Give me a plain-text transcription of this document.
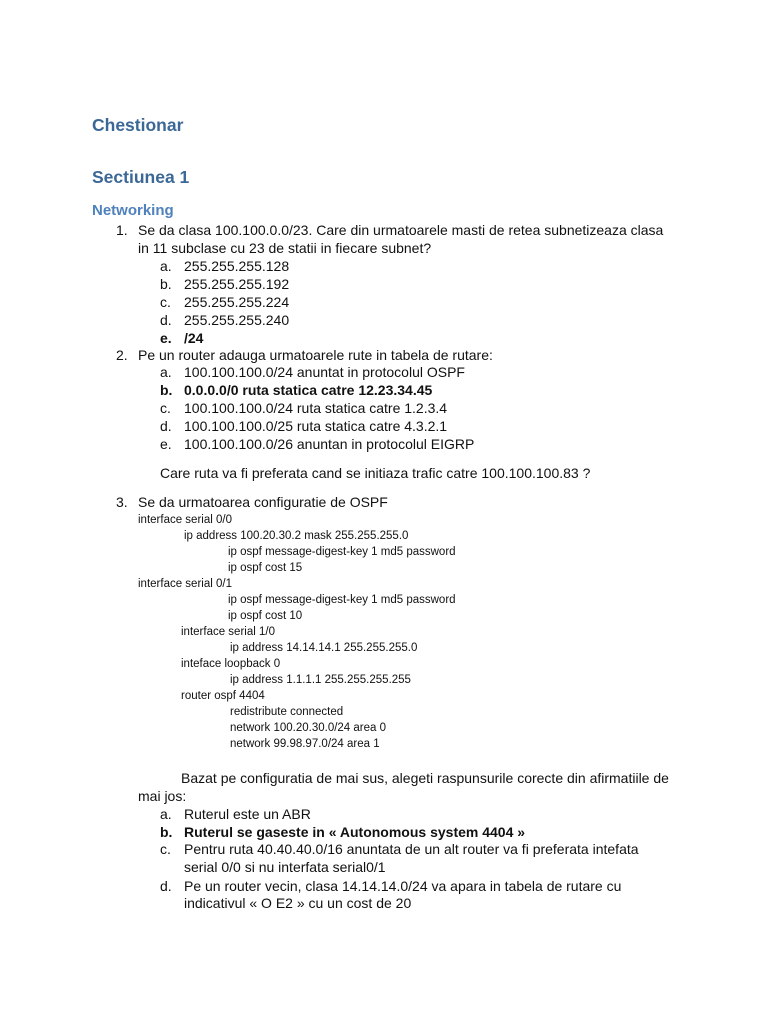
Chestionar
Sectiunea 1
Networking
1. Se da clasa 100.100.0.0/23. Care din urmatoarele masti de retea subnetizeaza clasa
in 11 subclase cu 23 de statii in fiecare subnet?
a. 255.255.255.128
b. 255.255.255.192
c. 255.255.255.224
d. 255.255.255.240
e. /24
2. Pe un router adauga urmatoarele rute in tabela de rutare:
a. 100.100.100.0/24 anuntat in protocolul OSPF
b. 0.0.0.0/0 ruta statica catre 12.23.34.45
c. 100.100.100.0/24 ruta statica catre 1.2.3.4
d. 100.100.100.0/25 ruta statica catre 4.3.2.1
e. 100.100.100.0/26 anuntan in protocolul EIGRP
Care ruta va fi preferata cand se initiaza trafic catre 100.100.100.83 ?
3. Se da urmatoarea configuratie de OSPF
interface serial 0/0
ip address 100.20.30.2 mask 255.255.255.0
ip ospf message-digest-key 1 md5 password
ip ospf cost 15
interface serial 0/1
ip ospf message-digest-key 1 md5 password
ip ospf cost 10
interface serial 1/0
ip address 14.14.14.1 255.255.255.0
inteface loopback 0
ip address 1.1.1.1 255.255.255.255
router ospf 4404
redistribute connected
network 100.20.30.0/24 area 0
network 99.98.97.0/24 area 1
Bazat pe configuratia de mai sus, alegeti raspunsurile corecte din afirmatiile de
mai jos:
a. Ruterul este un ABR
b. Ruterul se gaseste in « Autonomous system 4404 »
c. Pentru ruta 40.40.40.0/16 anuntata de un alt router va fi preferata intefata
serial 0/0 si nu interfata serial0/1
d. Pe un router vecin, clasa 14.14.14.0/24 va apara in tabela de rutare cu
indicativul « O E2 » cu un cost de 20
